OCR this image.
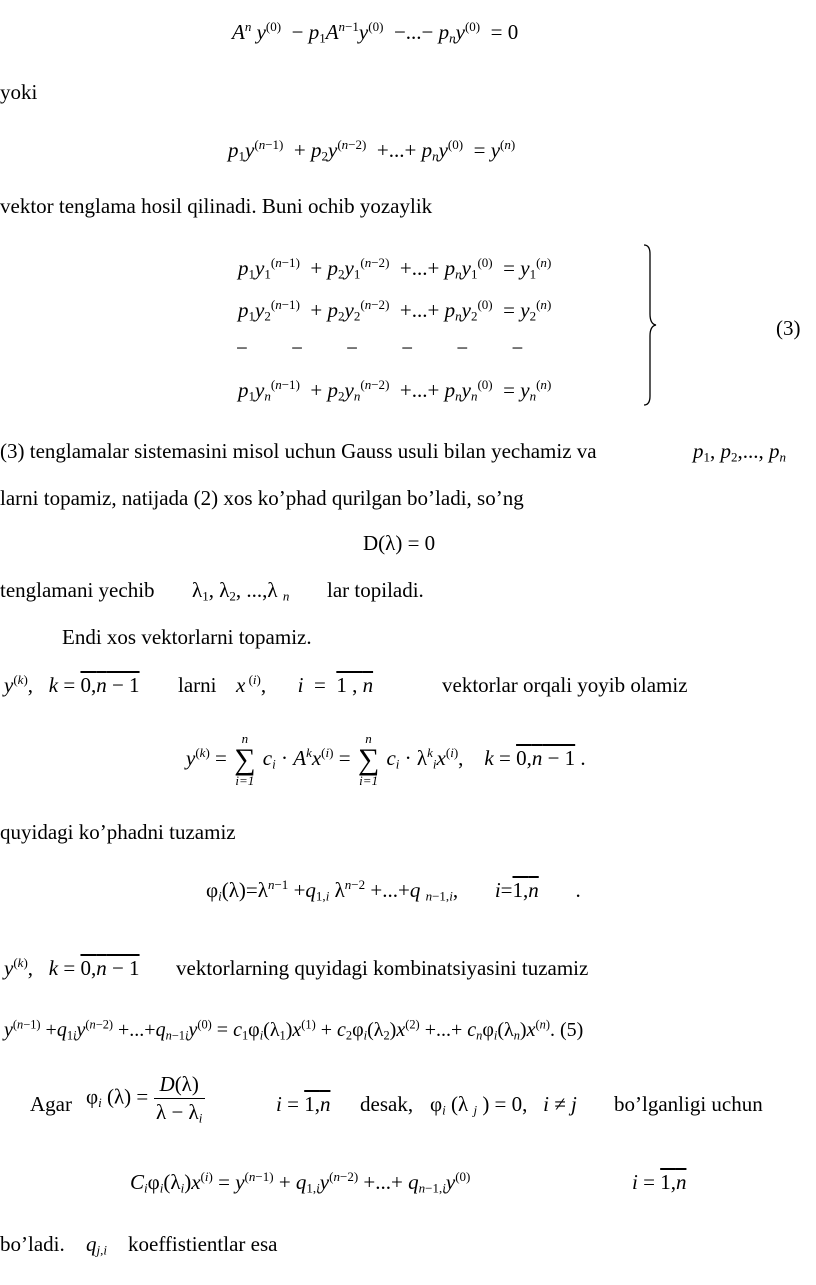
$A^n$ $y^{(0)} - p_1A^{n-1}y^{(0)}$  −...− $p_ny^{(0)} = 0$
yoki
$p_1y^{(n-1)} + p_2y^{(n-2)}$  +...+ $p_ny^{(0)} = y^{(n)}$
vektor tenglama hosil qilinadi. Buni ochib yozaylik
$p_1y_1^{(n-1)} + p_2y_1^{(n-2)}$  +...+ $p_ny_1^{(0)} = y_1^{(n)}$
$p_1y_2^{(n-1)} + p_2y_2^{(n-2)}$  +...+ $p_ny_2^{(0)} = y_2^{(n)}$
− − − − − −
$p_1y_n^{(n-1)} + p_2y_n^{(n-2)}$  +...+ $p_ny_n^{(0)} = y_n^{(n)}$
(3)
(3) tenglamalar sistemasini misol uchun Gauss usuli bilan yechamiz va	$p_1$, $p_2$,..., $p_n$
larni topamiz, natijada (2) xos ko’phad qurilgan bo’ladi, so’ng
D(λ) = 0
tenglamani yechib $\lambda_1$, $\lambda_2$, ...,λ $_n$ lar topiladi.
Endi xos vektorlarni topamiz.
$y^{(k)}$,   k = 0,n − 1 larni x $^{(i)}$,      i  =  1 , n	vektorlar orqali yoyib olamiz
$y^{(k)}$ =
n
∑
i=1
$c_i \cdot A^kx^{(i)}$ =
n
∑
i=1
$c_i \cdot \lambda^k_ix^{(i)}$,    k = 0,n − 1 .
quyidagi ko’phadni tuzamiz
$\varphi_i(\lambda)=\lambda^{n-1} +q_{1,i}$ $\lambda^{n-2} +...+q$ $_{n-1,i}$,       i=1,n       .
$y^{(k)}$,   k = 0,n − 1 vektorlarning quyidagi kombinatsiyasini tuzamiz
$y^{(n-1)} +q_{1i}y^{(n-2)} +...+q_{n-1i}y^{(0)} = c_1\varphi_i(\lambda_1)x^{(1)} + c_2\varphi_i(\lambda_2)x^{(2)}$ +...+ $c_n\varphi_i(\lambda_n)x^{(n)}$. (5)
Agar $\varphi_i$ $(\lambda) = \frac{D(\lambda)}{\lambda - \lambda_i}$	i = 1,n desak, $\varphi_i$ (λ $_j$ ) = 0,   i ≠ j bo’lganligi uchun
$C_i\varphi_i(\lambda_i)x^{(i)} = y^{(n-1)} + q_{1,i}y^{(n-2)}$ +...+ $q_{n-1,i}y^{(0)}$	i = 1,n
bo’ladi. $q_{j,i}$ koeffistientlar esa
